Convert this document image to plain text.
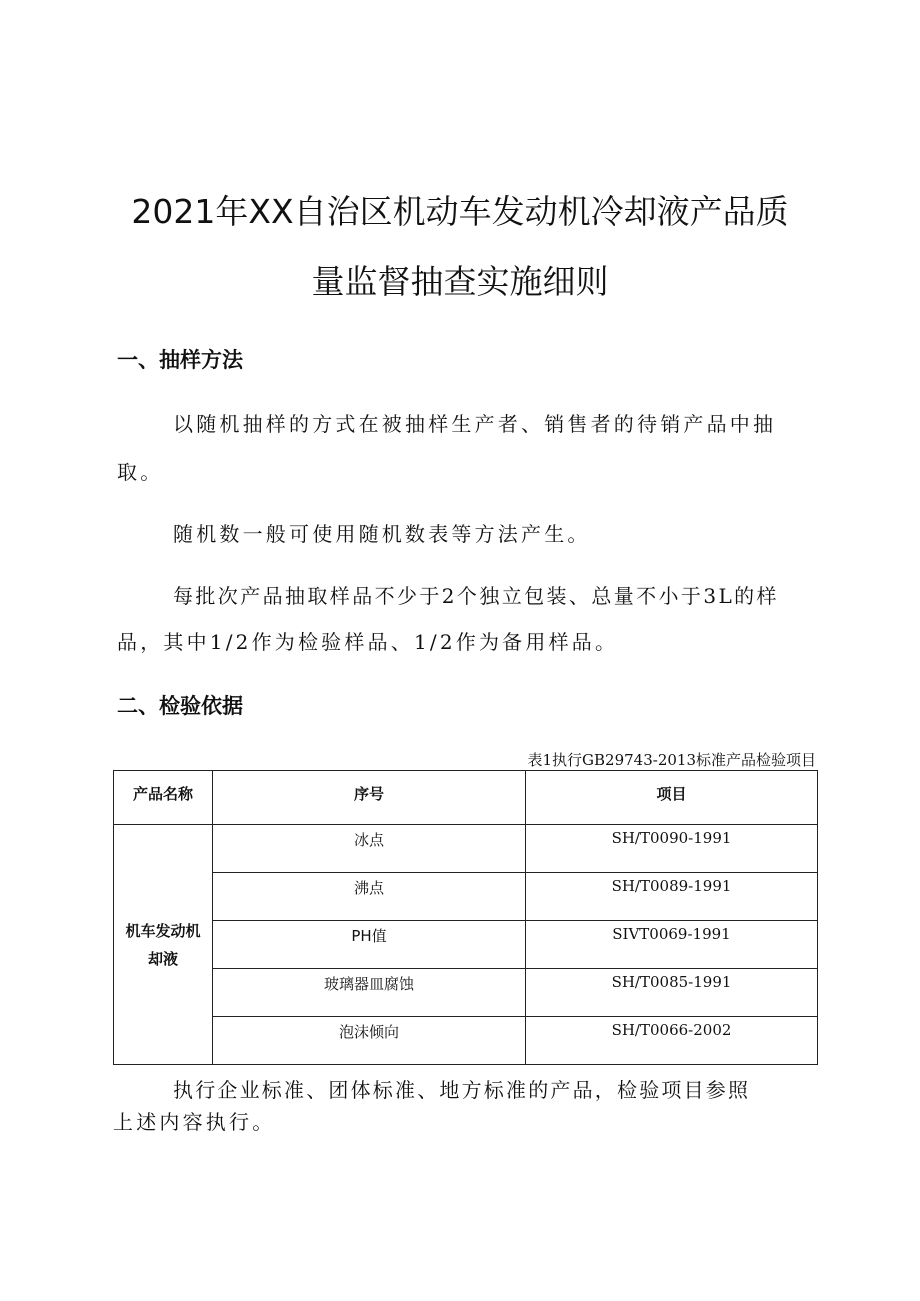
2021年XX自治区机动车发动机冷却液产品质
量监督抽查实施细则
一、抽样方法
以随机抽样的方式在被抽样生产者、销售者的待销产品中抽
取。
随机数一般可使用随机数表等方法产生。
每批次产品抽取样品不少于2个独立包装、总量不小于3L的样
品，其中1/2作为检验样品、1/2作为备用样品。
二、检验依据
表1执行GB29743-2013标准产品检验项目
产品名称	序号	项目
机车发动机
却液	冰点	SH/T0090-1991
	沸点	SH/T0089-1991
	PH值	SIVT0069-1991
	玻璃器皿腐蚀	SH/T0085-1991
	泡沫倾向	SH/T0066-2002
执行企业标准、团体标准、地方标准的产品，检验项目参照
上述内容执行。
